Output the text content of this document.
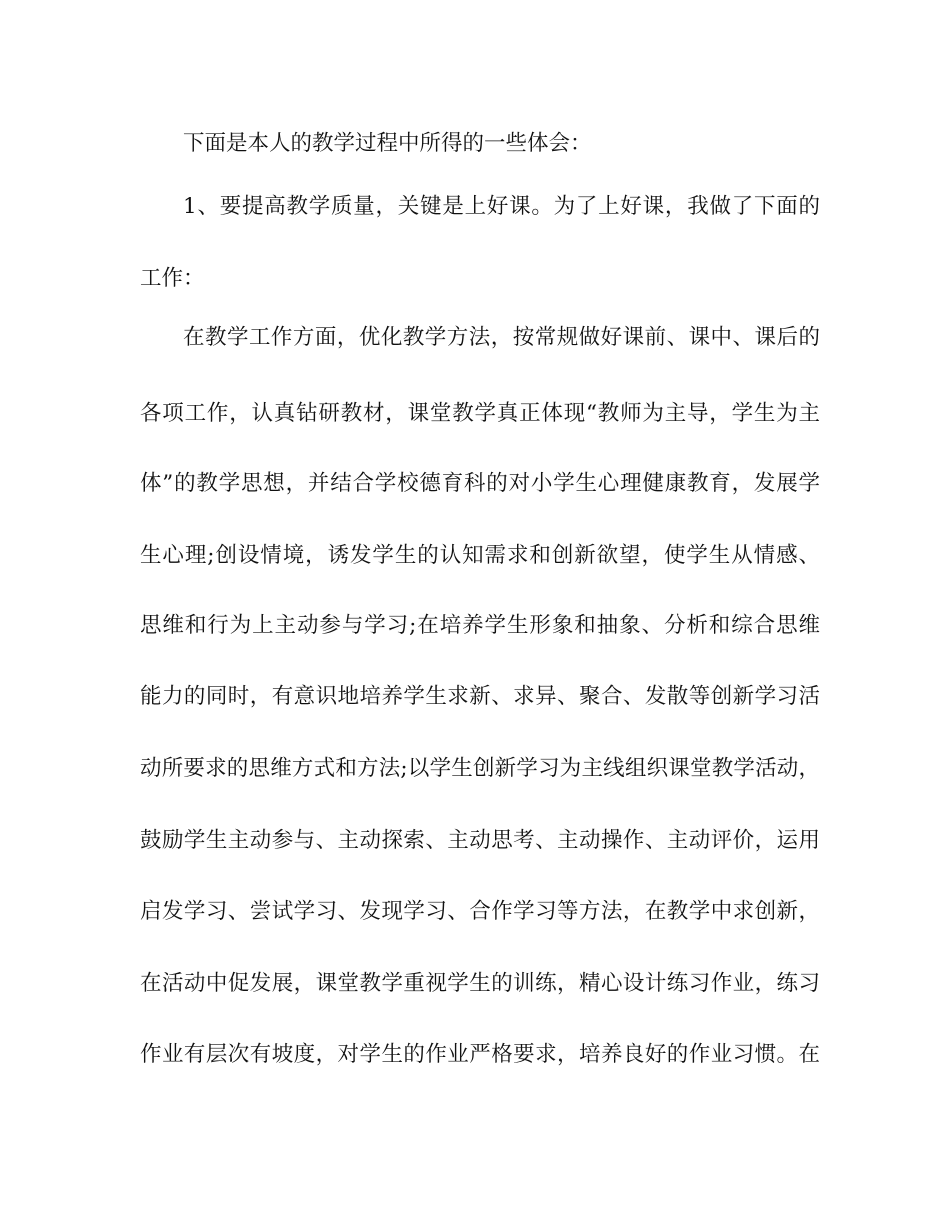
下面是本人的教学过程中所得的一些体会：
1、要提高教学质量，关键是上好课。为了上好课，我做了下面的
工作：
在教学工作方面，优化教学方法，按常规做好课前、课中、课后的
各项工作，认真钻研教材，课堂教学真正体现“教师为主导，学生为主
体”的教学思想，并结合学校德育科的对小学生心理健康教育，发展学
生心理;创设情境，诱发学生的认知需求和创新欲望，使学生从情感、
思维和行为上主动参与学习;在培养学生形象和抽象、分析和综合思维
能力的同时，有意识地培养学生求新、求异、聚合、发散等创新学习活
动所要求的思维方式和方法;以学生创新学习为主线组织课堂教学活动，
鼓励学生主动参与、主动探索、主动思考、主动操作、主动评价，运用
启发学习、尝试学习、发现学习、合作学习等方法，在教学中求创新，
在活动中促发展，课堂教学重视学生的训练，精心设计练习作业，练习
作业有层次有坡度，对学生的作业严格要求，培养良好的作业习惯。在
